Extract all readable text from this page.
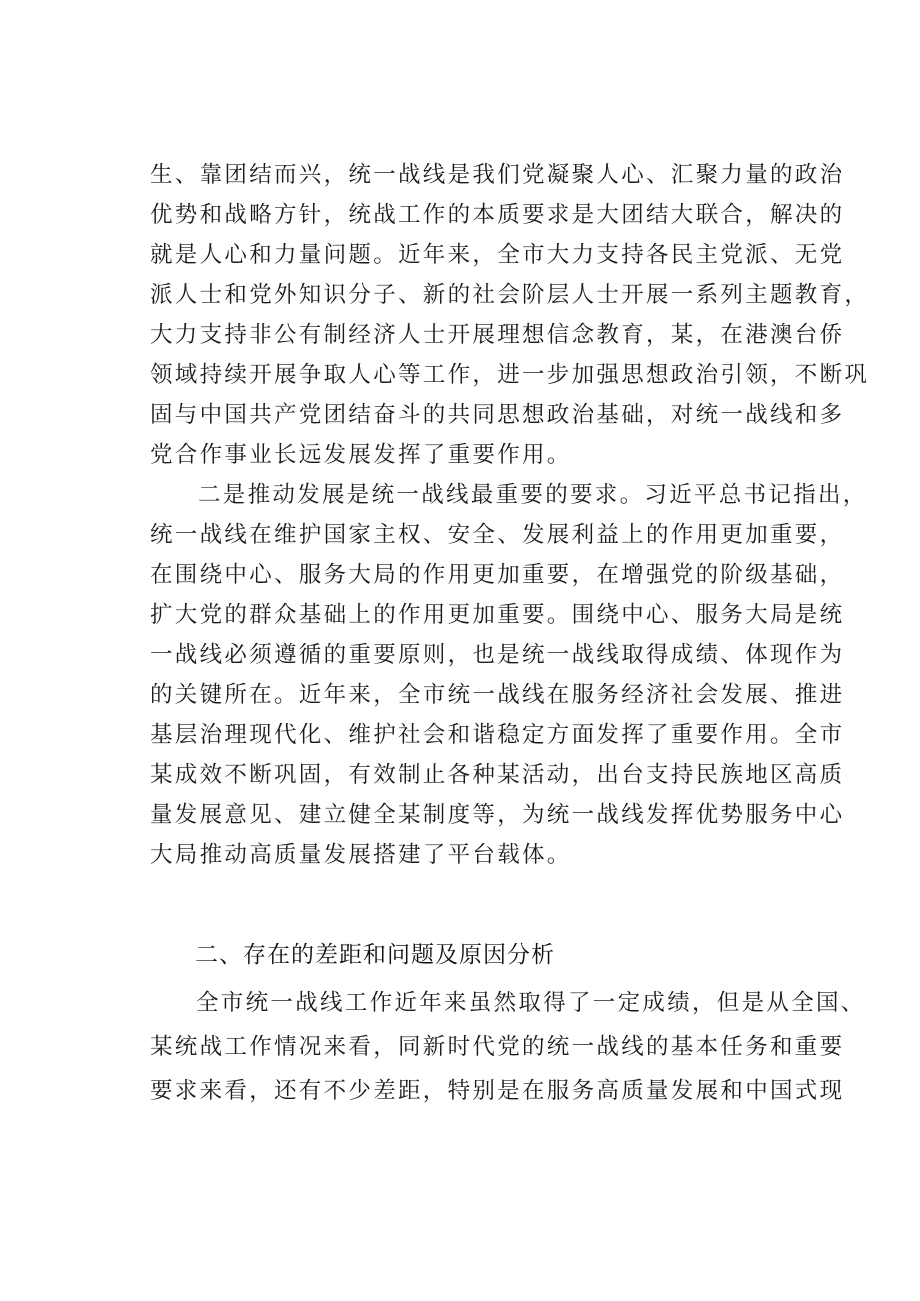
生、靠团结而兴，统一战线是我们党凝聚人心、汇聚力量的政治
优势和战略方针，统战工作的本质要求是大团结大联合，解决的
就是人心和力量问题。近年来，全市大力支持各民主党派、无党
派人士和党外知识分子、新的社会阶层人士开展一系列主题教育，
大力支持非公有制经济人士开展理想信念教育，某，在港澳台侨
领域持续开展争取人心等工作，进一步加强思想政治引领，不断巩
固与中国共产党团结奋斗的共同思想政治基础，对统一战线和多
党合作事业长远发展发挥了重要作用。
二是推动发展是统一战线最重要的要求。习近平总书记指出，
统一战线在维护国家主权、安全、发展利益上的作用更加重要，
在围绕中心、服务大局的作用更加重要，在增强党的阶级基础，
扩大党的群众基础上的作用更加重要。围绕中心、服务大局是统
一战线必须遵循的重要原则，也是统一战线取得成绩、体现作为
的关键所在。近年来，全市统一战线在服务经济社会发展、推进
基层治理现代化、维护社会和谐稳定方面发挥了重要作用。全市
某成效不断巩固，有效制止各种某活动，出台支持民族地区高质
量发展意见、建立健全某制度等，为统一战线发挥优势服务中心
大局推动高质量发展搭建了平台载体。
二、存在的差距和问题及原因分析
全市统一战线工作近年来虽然取得了一定成绩，但是从全国、
某统战工作情况来看，同新时代党的统一战线的基本任务和重要
要求来看，还有不少差距，特别是在服务高质量发展和中国式现
